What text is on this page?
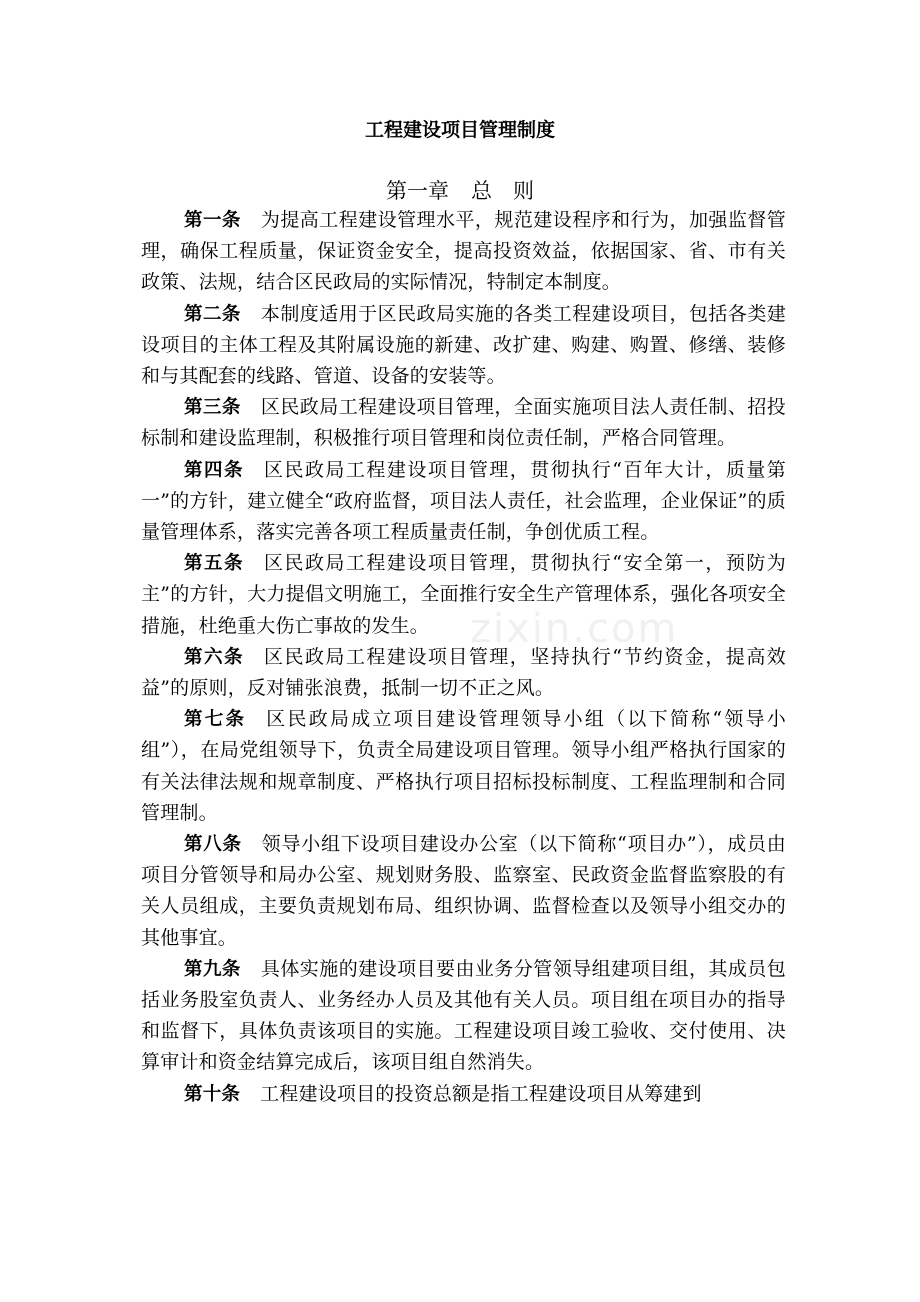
zixin.com
工程建设项目管理制度
第一章 总　则

第一条 为提高工程建设管理水平，规范建设程序和行为，加强监督管理，确保工程质量，保证资金安全，提高投资效益，依据国家、省、市有关政策、法规，结合区民政局的实际情况，特制定本制度。

第二条 本制度适用于区民政局实施的各类工程建设项目，包括各类建设项目的主体工程及其附属设施的新建、改扩建、购建、购置、修缮、装修和与其配套的线路、管道、设备的安装等。

第三条 区民政局工程建设项目管理，全面实施项目法人责任制、招投标制和建设监理制，积极推行项目管理和岗位责任制，严格合同管理。

第四条 区民政局工程建设项目管理，贯彻执行“百年大计，质量第一”的方针，建立健全“政府监督，项目法人责任，社会监理，企业保证”的质量管理体系，落实完善各项工程质量责任制，争创优质工程。

第五条 区民政局工程建设项目管理，贯彻执行“安全第一，预防为主”的方针，大力提倡文明施工，全面推行安全生产管理体系，强化各项安全措施，杜绝重大伤亡事故的发生。

第六条 区民政局工程建设项目管理，坚持执行“节约资金，提高效益”的原则，反对铺张浪费，抵制一切不正之风。

第七条 区民政局成立项目建设管理领导小组（以下简称“领导小组”），在局党组领导下，负责全局建设项目管理。领导小组严格执行国家的有关法律法规和规章制度、严格执行项目招标投标制度、工程监理制和合同管理制。

第八条 领导小组下设项目建设办公室（以下简称“项目办”），成员由项目分管领导和局办公室、规划财务股、监察室、民政资金监督监察股的有关人员组成，主要负责规划布局、组织协调、监督检查以及领导小组交办的其他事宜。

第九条 具体实施的建设项目要由业务分管领导组建项目组，其成员包括业务股室负责人、业务经办人员及其他有关人员。项目组在项目办的指导和监督下，具体负责该项目的实施。工程建设项目竣工验收、交付使用、决算审计和资金结算完成后，该项目组自然消失。

第十条 工程建设项目的投资总额是指工程建设项目从筹建到
